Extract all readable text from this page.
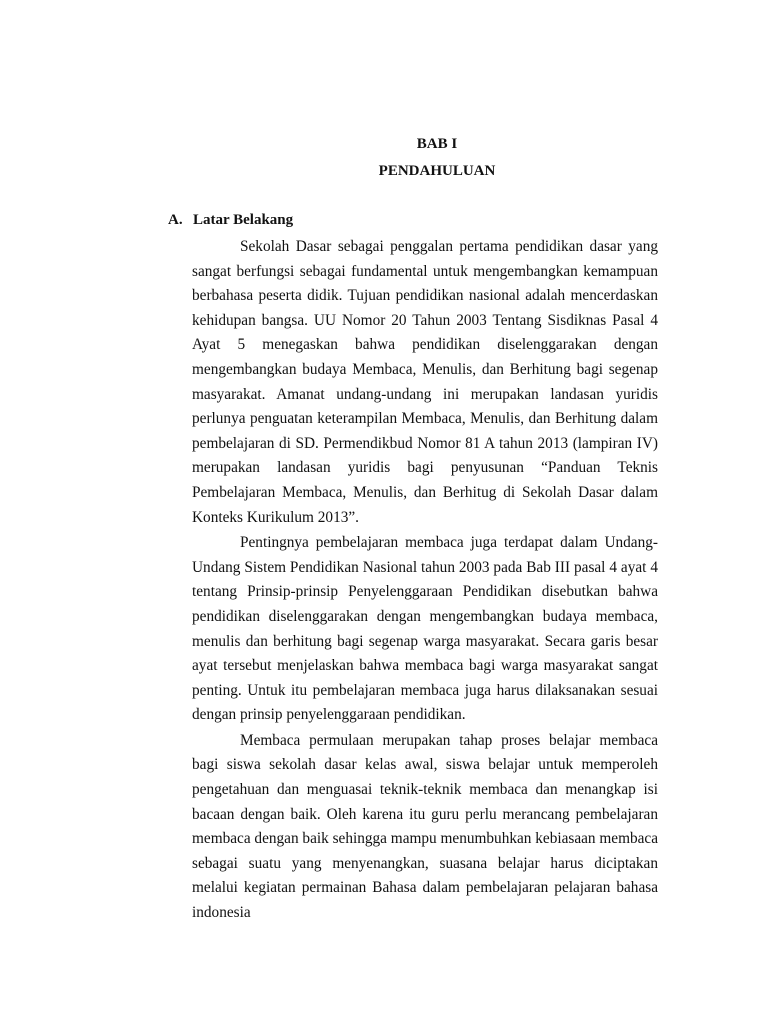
BAB I
PENDAHULUAN
A. Latar Belakang

Sekolah Dasar sebagai penggalan pertama pendidikan dasar yang sangat berfungsi sebagai fundamental untuk mengembangkan kemampuan berbahasa peserta didik. Tujuan pendidikan nasional adalah mencerdaskan kehidupan bangsa. UU Nomor 20 Tahun 2003 Tentang Sisdiknas Pasal 4 Ayat 5 menegaskan bahwa pendidikan diselenggarakan dengan mengembangkan budaya Membaca, Menulis, dan Berhitung bagi segenap masyarakat. Amanat undang-undang ini merupakan landasan yuridis perlunya penguatan keterampilan Membaca, Menulis, dan Berhitung dalam pembelajaran di SD. Permendikbud Nomor 81 A tahun 2013 (lampiran IV) merupakan landasan yuridis bagi penyusunan “Panduan Teknis Pembelajaran Membaca, Menulis, dan Berhitug di Sekolah Dasar dalam Konteks Kurikulum 2013”.

Pentingnya pembelajaran membaca juga terdapat dalam Undang-Undang Sistem Pendidikan Nasional tahun 2003 pada Bab III pasal 4 ayat 4 tentang Prinsip-prinsip Penyelenggaraan Pendidikan disebutkan bahwa pendidikan diselenggarakan dengan mengembangkan budaya membaca, menulis dan berhitung bagi segenap warga masyarakat. Secara garis besar ayat tersebut menjelaskan bahwa membaca bagi warga masyarakat sangat penting. Untuk itu pembelajaran membaca juga harus dilaksanakan sesuai dengan prinsip penyelenggaraan pendidikan.

Membaca permulaan merupakan tahap proses belajar membaca bagi siswa sekolah dasar kelas awal, siswa belajar untuk memperoleh pengetahuan dan menguasai teknik-teknik membaca dan menangkap isi bacaan dengan baik. Oleh karena itu guru perlu merancang pembelajaran membaca dengan baik sehingga mampu menumbuhkan kebiasaan membaca sebagai suatu yang menyenangkan, suasana belajar harus diciptakan melalui kegiatan permainan Bahasa dalam pembelajaran pelajaran bahasa indonesia
